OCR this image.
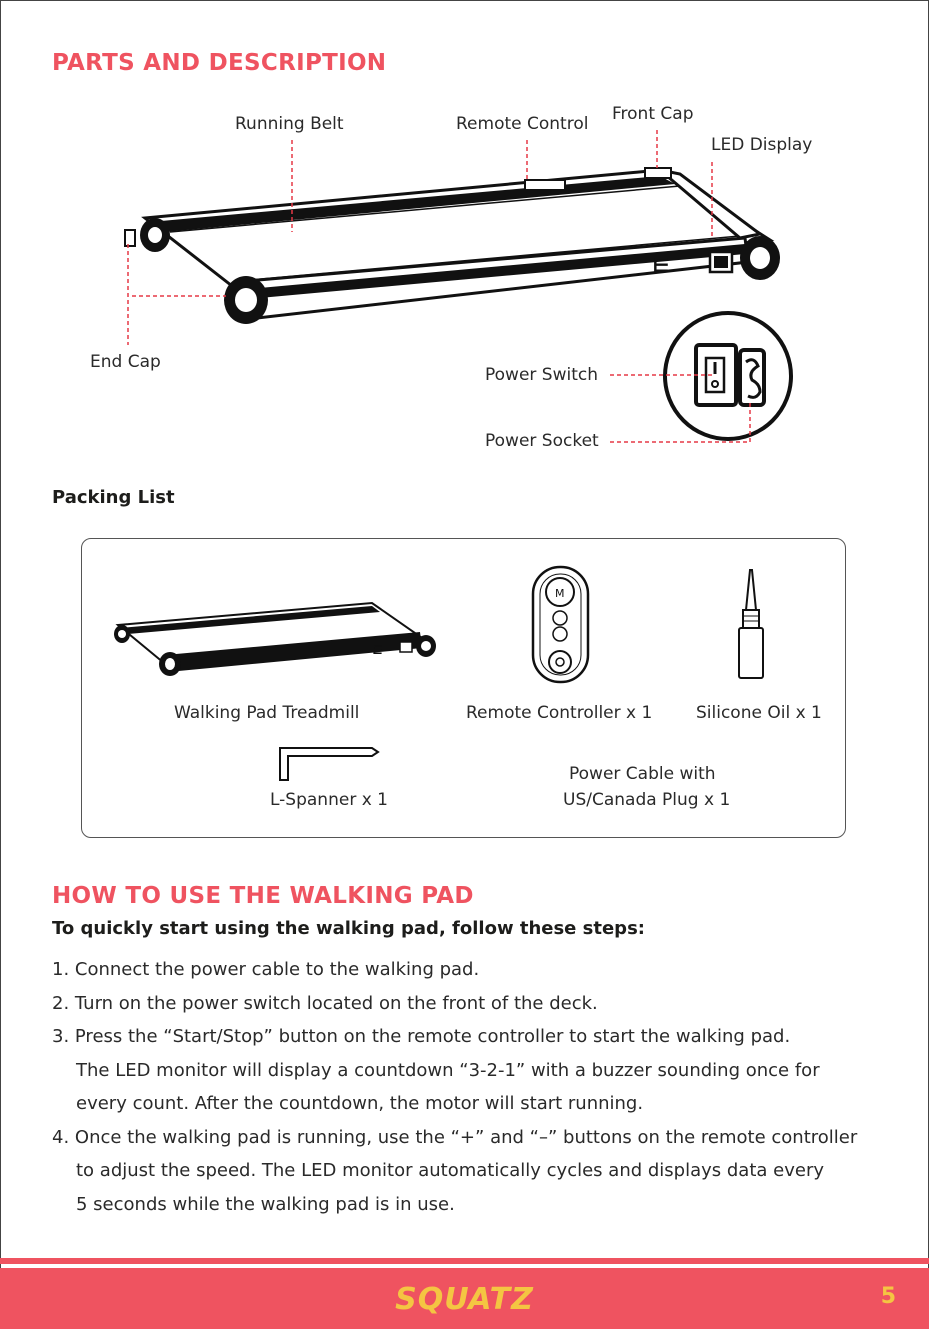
PARTS AND DESCRIPTION
⋿
Running Belt	Remote Control Front Cap
LED Display
End Cap
Power Switch
Power Socket
Packing List
⋿
M
Walking Pad Treadmill	Remote Controller x 1	Silicone Oil x 1
L-Spanner x 1
Power Cable with
US/Canada Plug x 1
HOW TO USE THE WALKING PAD
To quickly start using the walking pad, follow these steps:
1. Connect the power cable to the walking pad.
2. Turn on the power switch located on the front of the deck.
3. Press the “Start/Stop” button on the remote controller to start the walking pad.
The LED monitor will display a countdown “3-2-1” with a buzzer sounding once for
every count. After the countdown, the motor will start running.
4. Once the walking pad is running, use the “+” and “–” buttons on the remote controller
to adjust the speed. The LED monitor automatically cycles and displays data every
5 seconds while the walking pad is in use.
SQUATZ	5
